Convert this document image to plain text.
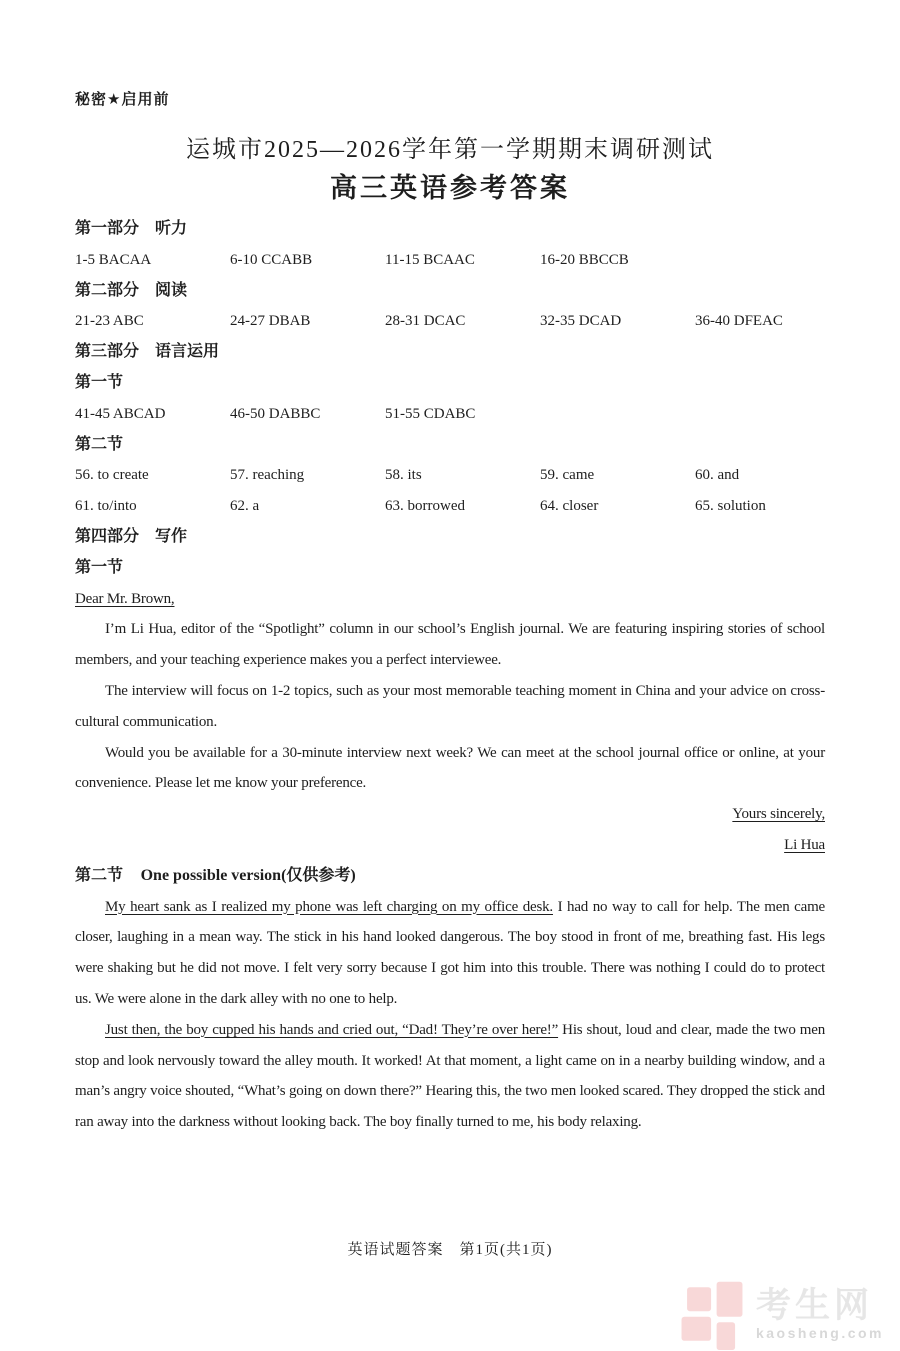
秘密★启用前
运城市2025—2026学年第一学期期末调研测试
高三英语参考答案
第一部分　听力
1-5 BACAA	6-10 CCABB	11-15 BCAAC	16-20 BBCCB
第二部分　阅读
21-23 ABC	24-27 DBAB	28-31 DCAC	32-35 DCAD	36-40 DFEAC
第三部分　语言运用
第一节
41-45 ABCAD	46-50 DABBC	51-55 CDABC
第二节
56. to create	57. reaching	58. its	59. came	60. and
61. to/into	62. a	63. borrowed	64. closer	65. solution
第四部分　写作
第一节
Dear Mr. Brown,

I’m Li Hua, editor of the “Spotlight” column in our school’s English journal. We are featuring inspiring stories of school members, and your teaching experience makes you a perfect interviewee.

The interview will focus on 1-2 topics, such as your most memorable teaching moment in China and your advice on cross-cultural communication.

Would you be available for a 30-minute interview next week? We can meet at the school journal office or online, at your convenience. Please let me know your preference.

Yours sincerely,
Li Hua
第二节 One possible version(仅供参考)

My heart sank as I realized my phone was left charging on my office desk. I had no way to call for help. The men came closer, laughing in a mean way. The stick in his hand looked dangerous. The boy stood in front of me, breathing fast. His legs were shaking but he did not move. I felt very sorry because I got him into this trouble. There was nothing I could do to protect us. We were alone in the dark alley with no one to help.

Just then, the boy cupped his hands and cried out, “Dad! They’re over here!” His shout, loud and clear, made the two men stop and look nervously toward the alley mouth. It worked! At that moment, a light came on in a nearby building window, and a man’s angry voice shouted, “What’s going on down there?” Hearing this, the two men looked scared. They dropped the stick and ran away into the darkness without looking back. The boy finally turned to me, his body relaxing.

英语试题答案　第1页(共1页)
考生网
kaosheng.com
